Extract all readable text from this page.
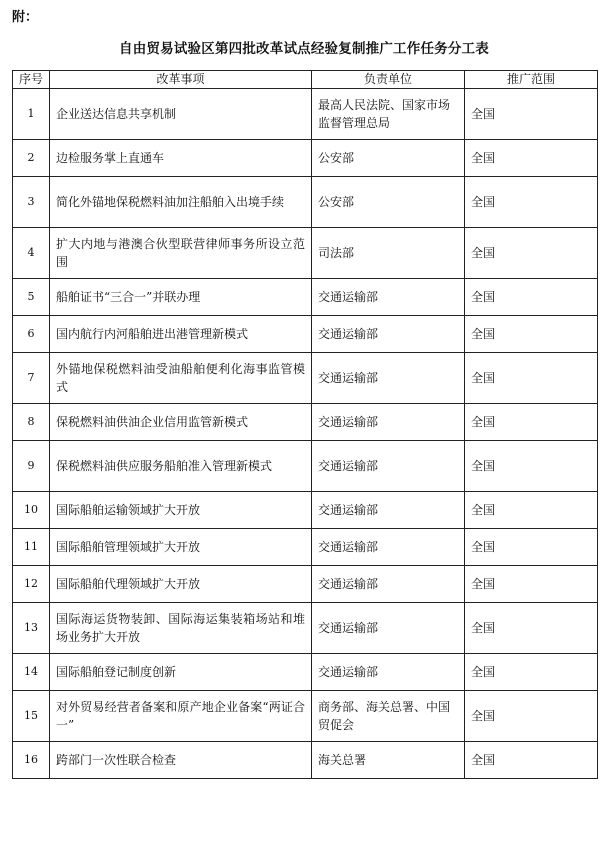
附：
自由贸易试验区第四批改革试点经验复制推广工作任务分工表
序号	改革事项	负责单位	推广范围
1	企业送达信息共享机制	最高人民法院、国家市场监督管理总局	全国
2	边检服务掌上直通车	公安部	全国
3	简化外锚地保税燃料油加注船舶入出境手续	公安部	全国
4	扩大内地与港澳合伙型联营律师事务所设立范围	司法部	全国
5	船舶证书“三合一”并联办理	交通运输部	全国
6	国内航行内河船舶进出港管理新模式	交通运输部	全国
7	外锚地保税燃料油受油船舶便利化海事监管模式	交通运输部	全国
8	保税燃料油供油企业信用监管新模式	交通运输部	全国
9	保税燃料油供应服务船舶准入管理新模式	交通运输部	全国
10	国际船舶运输领域扩大开放	交通运输部	全国
11	国际船舶管理领域扩大开放	交通运输部	全国
12	国际船舶代理领域扩大开放	交通运输部	全国
13	国际海运货物装卸、国际海运集装箱场站和堆场业务扩大开放	交通运输部	全国
14	国际船舶登记制度创新	交通运输部	全国
15	对外贸易经营者备案和原产地企业备案“两证合一”	商务部、海关总署、中国贸促会	全国
16	跨部门一次性联合检查	海关总署	全国
